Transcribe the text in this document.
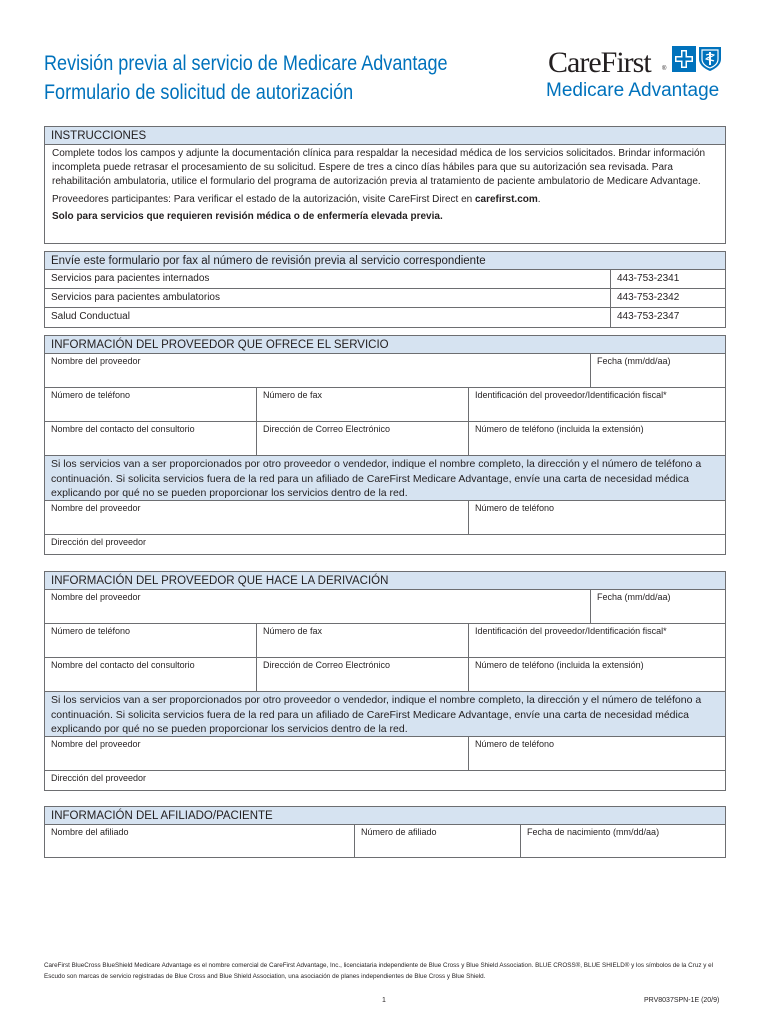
Revisión previa al servicio de Medicare Advantage
Formulario de solicitud de autorización
CareFirst ®
Medicare Advantage
INSTRUCCIONES
Complete todos los campos y adjunte la documentación clínica para respaldar la necesidad médica de los servicios solicitados. Brindar información incompleta puede retrasar el procesamiento de su solicitud. Espere de tres a cinco días hábiles para que su autorización sea revisada. Para rehabilitación ambulatoria, utilice el formulario del programa de autorización previa al tratamiento de paciente ambulatorio de Medicare Advantage.
Proveedores participantes: Para verificar el estado de la autorización, visite CareFirst Direct en carefirst.com.
Solo para servicios que requieren revisión médica o de enfermería elevada previa.
Envíe este formulario por fax al número de revisión previa al servicio correspondiente
Servicios para pacientes internados	443-753-2341
Servicios para pacientes ambulatorios	443-753-2342
Salud Conductual	443-753-2347
INFORMACIÓN DEL PROVEEDOR QUE OFRECE EL SERVICIO
Nombre del proveedor	Fecha (mm/dd/aa)
Número de teléfono	Número de fax	Identificación del proveedor/Identificación fiscal*
Nombre del contacto del consultorio	Dirección de Correo Electrónico	Número de teléfono (incluida la extensión)
Si los servicios van a ser proporcionados por otro proveedor o vendedor, indique el nombre completo, la dirección y el número de teléfono a continuación. Si solicita servicios fuera de la red para un afiliado de CareFirst Medicare Advantage, envíe una carta de necesidad médica explicando por qué no se pueden proporcionar los servicios dentro de la red.
Nombre del proveedor	Número de teléfono
Dirección del proveedor
INFORMACIÓN DEL PROVEEDOR QUE HACE LA DERIVACIÓN
Nombre del proveedor	Fecha (mm/dd/aa)
Número de teléfono	Número de fax	Identificación del proveedor/Identificación fiscal*
Nombre del contacto del consultorio	Dirección de Correo Electrónico	Número de teléfono (incluida la extensión)
Si los servicios van a ser proporcionados por otro proveedor o vendedor, indique el nombre completo, la dirección y el número de teléfono a continuación. Si solicita servicios fuera de la red para un afiliado de CareFirst Medicare Advantage, envíe una carta de necesidad médica explicando por qué no se pueden proporcionar los servicios dentro de la red.
Nombre del proveedor	Número de teléfono
Dirección del proveedor
INFORMACIÓN DEL AFILIADO/PACIENTE
Nombre del afiliado	Número de afiliado	Fecha de nacimiento (mm/dd/aa)
CareFirst BlueCross BlueShield Medicare Advantage es el nombre comercial de CareFirst Advantage, Inc., licenciataria independiente de Blue Cross y Blue Shield Association. BLUE CROSS®, BLUE SHIELD® y los símbolos de la Cruz y el Escudo son marcas de servicio registradas de Blue Cross and Blue Shield Association, una asociación de planes independientes de Blue Cross y Blue Shield.
1	PRV8037SPN-1E (20/9)
